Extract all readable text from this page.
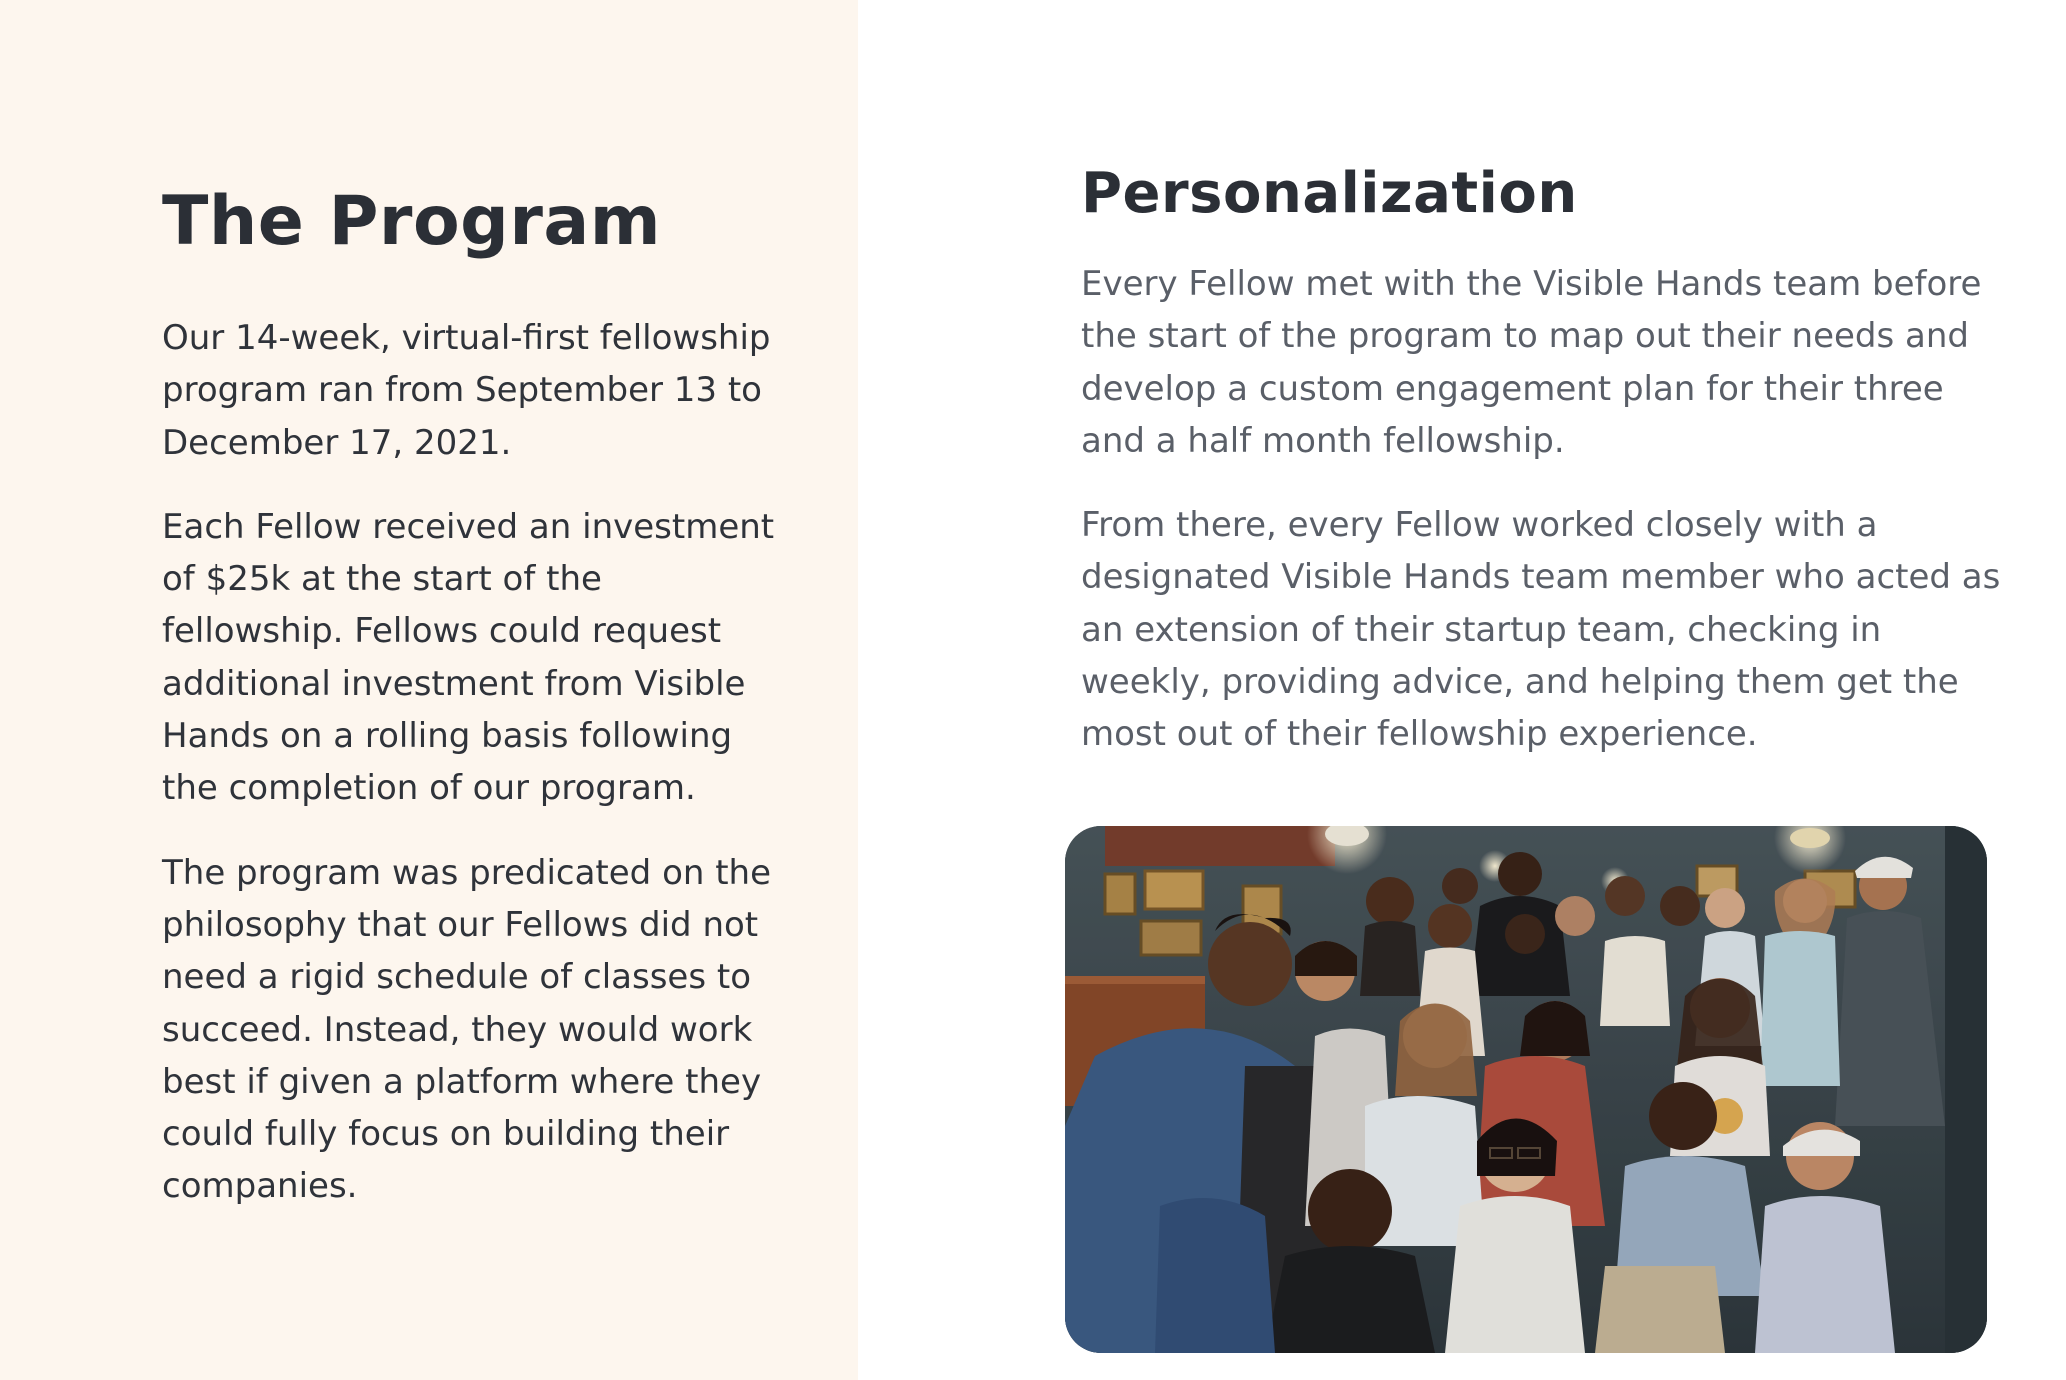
The Program

Our 14-week, virtual-first fellowship program ran from September 13 to December 17, 2021.

Each Fellow received an investment of $25k at the start of the fellowship. Fellows could request additional investment from Visible Hands on a rolling basis following the completion of our program.

The program was predicated on the philosophy that our Fellows did not need a rigid schedule of classes to succeed. Instead, they would work best if given a platform where they could fully focus on building their companies.

Personalization

Every Fellow met with the Visible Hands team before the start of the program to map out their needs and develop a custom engagement plan for their three and a half month fellowship.

From there, every Fellow worked closely with a designated Visible Hands team member who acted as an extension of their startup team, checking in weekly, providing advice, and helping them get the most out of their fellowship experience.
